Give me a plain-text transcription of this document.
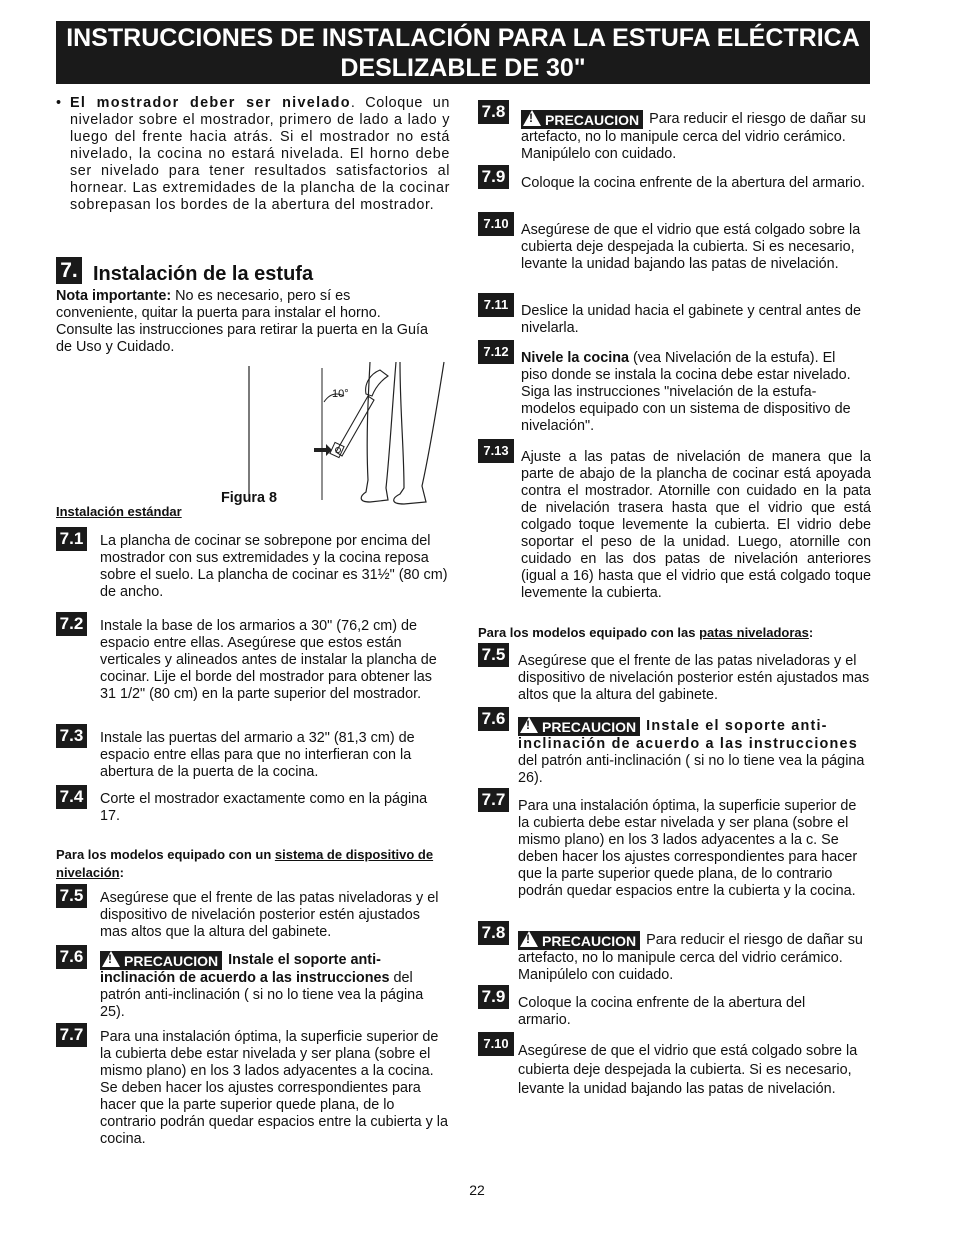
INSTRUCCIONES DE INSTALACIÓN PARA LA ESTUFA ELÉCTRICA
DESLIZABLE DE 30"
• El mostrador deber ser nivelado. Coloque un nivelador sobre el mostrador, primero de lado a lado y luego del frente hacia atrás. Si el mostrador no está nivelado, la cocina no estará nivelada. El horno debe ser nivelado para tener resultados satisfactorios al hornear. Las extremidades de la plancha de la cocinar sobrepasan los bordes de la abertura del mostrador.
7. Instalación de la estufa
Nota importante: No es necesario, pero sí es conveniente, quitar la puerta para instalar el horno. Consulte las instrucciones para retirar la puerta en la Guía de Uso y Cuidado.
10°
Figura 8
Instalación estándar
7.1 La plancha de cocinar se sobrepone por encima del mostrador con sus extremidades y la cocina reposa sobre el suelo. La plancha de cocinar es 31½" (80 cm) de ancho.
7.2 Instale la base de los armarios a 30" (76,2 cm) de espacio entre ellas. Asegúrese que estos están verticales y alineados antes de instalar la plancha de cocinar. Lije el borde del mostrador para obtener las 31 1/2" (80 cm) en la parte superior del mostrador.
7.3 Instale las puertas del armario a 32" (81,3 cm) de espacio entre ellas para que no interfieran con la abertura de la puerta de la cocina.
7.4 Corte el mostrador exactamente como en la página 17.
Para los modelos equipado con un sistema de dispositivo de nivelación:
7.5 Asegúrese que el frente de las patas niveladoras y el dispositivo de nivelación posterior estén ajustados mas altos que la altura del gabinete.
7.6 !	PRECAUCION Instale el soporte anti-inclinación de acuerdo a las instrucciones del patrón anti-inclinación ( si no lo tiene vea la página 25).
7.7 Para una instalación óptima, la superficie superior de la cubierta debe estar nivelada y ser plana (sobre el mismo plano) en los 3 lados adyacentes a la cocina. Se deben hacer los ajustes correspondientes para hacer que la parte superior quede plana, de lo contrario podrán quedar espacios entre la cubierta y la cocina.
7.8 !	PRECAUCION Para reducir el riesgo de dañar su artefacto, no lo manipule cerca del vidrio cerámico. Manipúlelo con cuidado.
7.9 Coloque la cocina enfrente de la abertura del armario.
7.10 Asegúrese de que el vidrio que está colgado sobre la cubierta deje despejada la cubierta. Si es necesario, levante la unidad bajando las patas de nivelación.
7.11 Deslice la unidad hacia el gabinete y central antes de nivelarla.
7.12 Nivele la cocina (vea Nivelación de la estufa). El piso donde se instala la cocina debe estar nivelado. Siga las instrucciones "nivelación de la estufa- modelos equipado con un sistema de dispositivo de nivelación".
7.13 Ajuste a las patas de nivelación de manera que la parte de abajo de la plancha de cocinar está apoyada contra el mostrador. Atornille con cuidado en la pata de nivelación trasera hasta que el vidrio que está colgado toque levemente la cubierta. El vidrio debe soportar el peso de la unidad. Luego, atornille con cuidado en las dos patas de nivelación anteriores (igual a 16) hasta que el vidrio que está colgado toque levemente la cubierta.
Para los modelos equipado con las patas niveladoras:
7.5 Asegúrese que el frente de las patas niveladoras y el dispositivo de nivelación posterior estén ajustados mas altos que la altura del gabinete.
7.6 !	PRECAUCION Instale el soporte anti-inclinación de acuerdo a las instrucciones del patrón anti-inclinación ( si no lo tiene vea la página 26).
7.7 Para una instalación óptima, la superficie superior de la cubierta debe estar nivelada y ser plana (sobre el mismo plano) en los 3 lados adyacentes a la c. Se deben hacer los ajustes correspondientes para hacer que la parte superior quede plana, de lo contrario podrán quedar espacios entre la cubierta y la cocina.
7.8 !	PRECAUCION Para reducir el riesgo de dañar su artefacto, no lo manipule cerca del vidrio cerámico. Manipúlelo con cuidado.
7.9 Coloque la cocina enfrente de la abertura del armario.
7.10 Asegúrese de que el vidrio que está colgado sobre la cubierta deje despejada la cubierta. Si es necesario, levante la unidad bajando las patas de nivelación.
22
